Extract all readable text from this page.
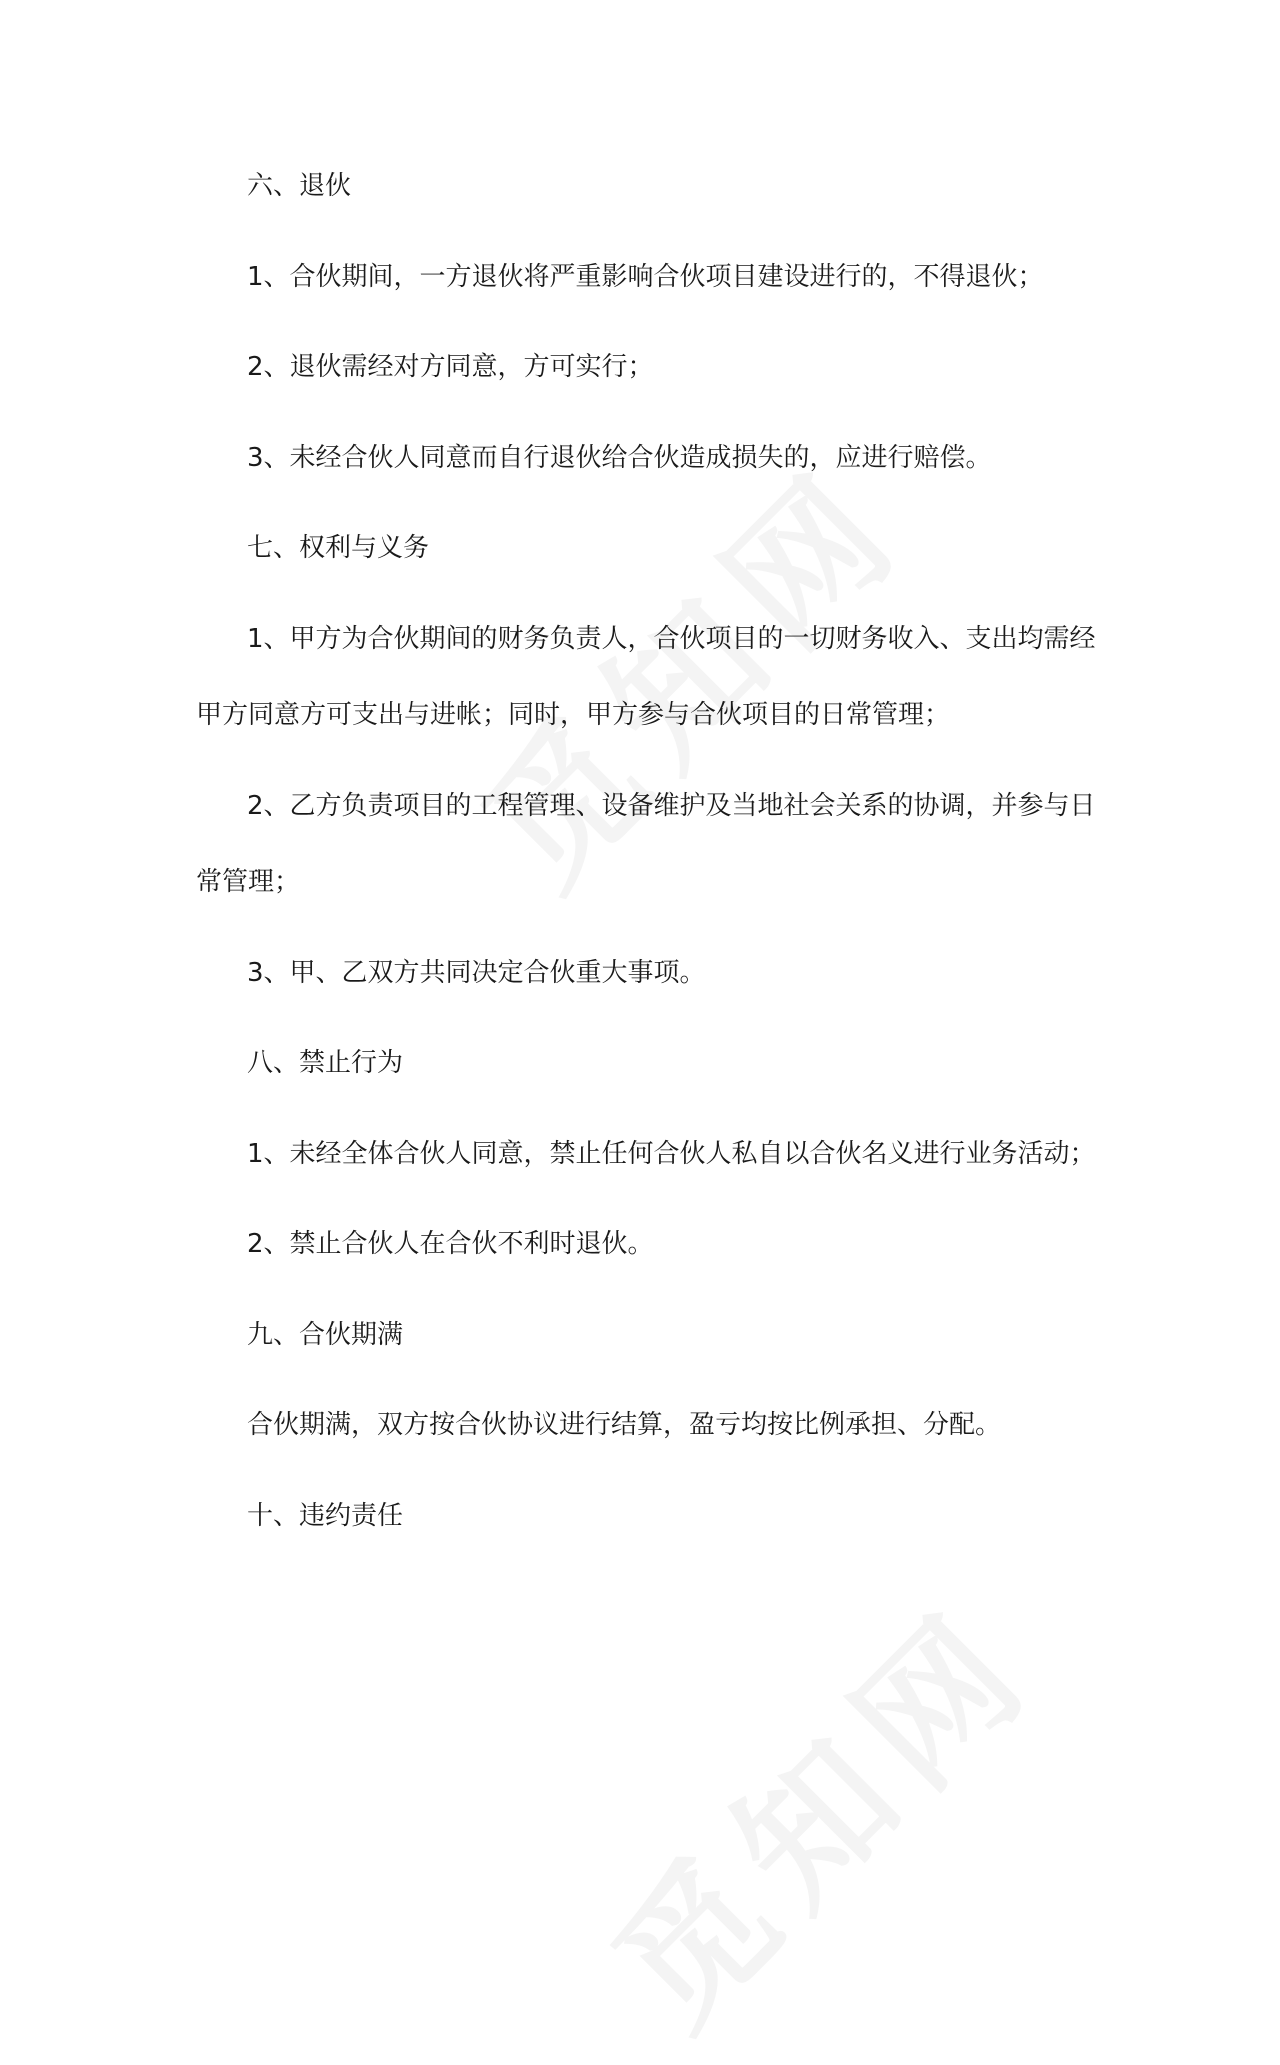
六、退伙
1、合伙期间，一方退伙将严重影响合伙项目建设进行的，不得退伙；
2、退伙需经对方同意，方可实行；
3、未经合伙人同意而自行退伙给合伙造成损失的，应进行赔偿。
七、权利与义务
1、甲方为合伙期间的财务负责人，合伙项目的一切财务收入、支出均需经
甲方同意方可支出与进帐；同时，甲方参与合伙项目的日常管理；
2、乙方负责项目的工程管理、设备维护及当地社会关系的协调，并参与日
常管理；
3、甲、乙双方共同决定合伙重大事项。
八、禁止行为
1、未经全体合伙人同意，禁止任何合伙人私自以合伙名义进行业务活动；
2、禁止合伙人在合伙不利时退伙。
九、合伙期满
合伙期满，双方按合伙协议进行结算，盈亏均按比例承担、分配。
十、违约责任
